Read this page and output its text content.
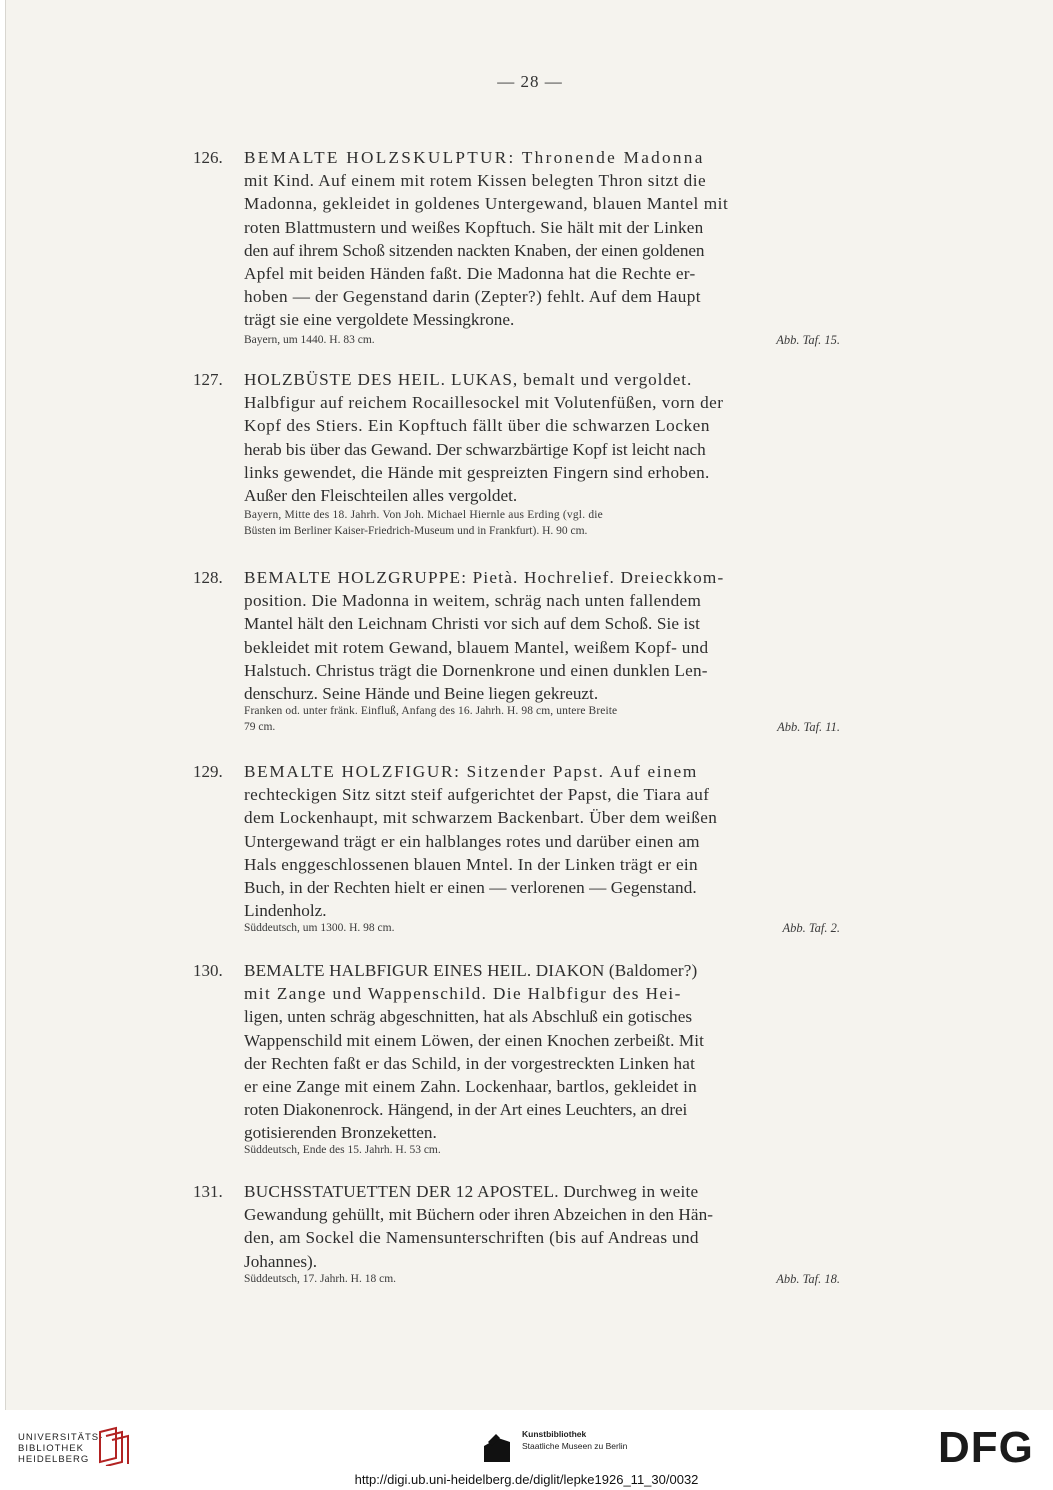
— 28 —
126. BEMALTE HOLZSKULPTUR: Thronende Madonna
mit Kind. Auf einem mit rotem Kissen belegten Thron sitzt die
Madonna, gekleidet in goldenes Untergewand, blauen Mantel mit
roten Blattmustern und weißes Kopftuch. Sie hält mit der Linken
den auf ihrem Schoß sitzenden nackten Knaben, der einen goldenen
Apfel mit beiden Händen faßt. Die Madonna hat die Rechte er-
hoben — der Gegenstand darin (Zepter?) fehlt. Auf dem Haupt
trägt sie eine vergoldete Messingkrone.
Bayern, um 1440. H. 83 cm.	Abb. Taf. 15.
127. HOLZBÜSTE DES HEIL. LUKAS, bemalt und vergoldet.
Halbfigur auf reichem Rocaillesockel mit Volutenfüßen, vorn der
Kopf des Stiers. Ein Kopftuch fällt über die schwarzen Locken
herab bis über das Gewand. Der schwarzbärtige Kopf ist leicht nach
links gewendet, die Hände mit gespreizten Fingern sind erhoben.
Außer den Fleischteilen alles vergoldet.
Bayern, Mitte des 18. Jahrh. Von Joh. Michael Hiernle aus Erding (vgl. die
Büsten im Berliner Kaiser-Friedrich-Museum und in Frankfurt). H. 90 cm.
128. BEMALTE HOLZGRUPPE: Pietà. Hochrelief. Dreieckkom-
position. Die Madonna in weitem, schräg nach unten fallendem
Mantel hält den Leichnam Christi vor sich auf dem Schoß. Sie ist
bekleidet mit rotem Gewand, blauem Mantel, weißem Kopf- und
Halstuch. Christus trägt die Dornenkrone und einen dunklen Len-
denschurz. Seine Hände und Beine liegen gekreuzt.
Franken od. unter fränk. Einfluß, Anfang des 16. Jahrh. H. 98 cm, untere Breite
79 cm.	Abb. Taf. 11.
129. BEMALTE HOLZFIGUR: Sitzender Papst. Auf einem
rechteckigen Sitz sitzt steif aufgerichtet der Papst, die Tiara auf
dem Lockenhaupt, mit schwarzem Backenbart. Über dem weißen
Untergewand trägt er ein halblanges rotes und darüber einen am
Hals enggeschlossenen blauen Mntel. In der Linken trägt er ein
Buch, in der Rechten hielt er einen — verlorenen — Gegenstand.
Lindenholz.
Süddeutsch, um 1300. H. 98 cm.	Abb. Taf. 2.
130. BEMALTE HALBFIGUR EINES HEIL. DIAKON (Baldomer?)
mit Zange und Wappenschild. Die Halbfigur des Hei-
ligen, unten schräg abgeschnitten, hat als Abschluß ein gotisches
Wappenschild mit einem Löwen, der einen Knochen zerbeißt. Mit
der Rechten faßt er das Schild, in der vorgestreckten Linken hat
er eine Zange mit einem Zahn. Lockenhaar, bartlos, gekleidet in
roten Diakonenrock. Hängend, in der Art eines Leuchters, an drei
gotisierenden Bronzeketten.
Süddeutsch, Ende des 15. Jahrh. H. 53 cm.
131. BUCHSSTATUETTEN DER 12 APOSTEL. Durchweg in weite
Gewandung gehüllt, mit Büchern oder ihren Abzeichen in den Hän-
den, am Sockel die Namensunterschriften (bis auf Andreas und
Johannes).
Süddeutsch, 17. Jahrh. H. 18 cm.	Abb. Taf. 18.
UNIVERSITÄTS-
BIBLIOTHEK
HEIDELBERG
Kunstbibliothek
Staatliche Museen zu Berlin	DFG
http://digi.ub.uni-heidelberg.de/diglit/lepke1926_11_30/0032
